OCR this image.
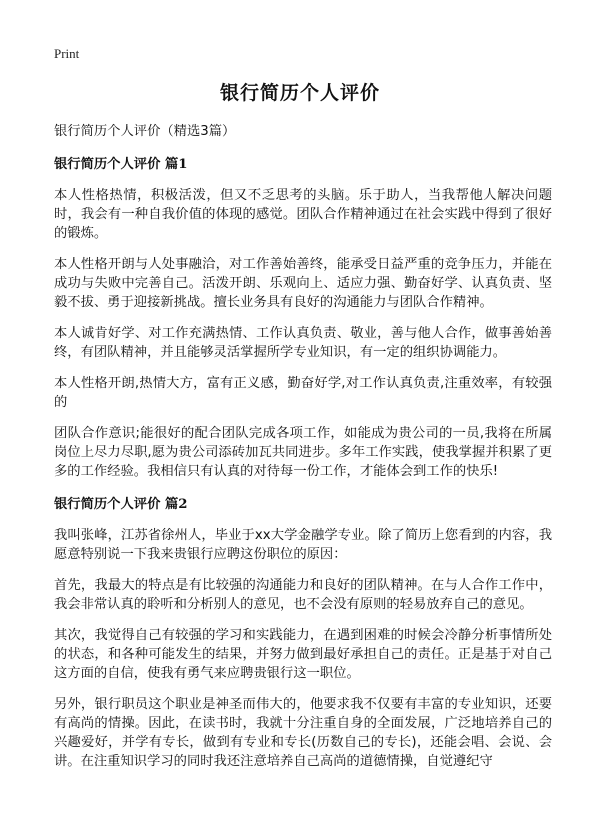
Print
银行简历个人评价

银行简历个人评价（精选3篇）

银行简历个人评价 篇1

本人性格热情，积极活泼，但又不乏思考的头脑。乐于助人，当我帮他人解决问题时，我会有一种自我价值的体现的感觉。团队合作精神通过在社会实践中得到了很好的锻炼。

本人性格开朗与人处事融洽，对工作善始善终，能承受日益严重的竞争压力，并能在成功与失败中完善自己。活泼开朗、乐观向上、适应力强、勤奋好学、认真负责、坚毅不拔、勇于迎接新挑战。擅长业务具有良好的沟通能力与团队合作精神。

本人诚肯好学、对工作充满热情、工作认真负责、敬业，善与他人合作，做事善始善终，有团队精神，并且能够灵活掌握所学专业知识，有一定的组织协调能力。

本人性格开朗,热情大方，富有正义感，勤奋好学,对工作认真负责,注重效率，有较强的

团队合作意识;能很好的配合团队完成各项工作，如能成为贵公司的一员,我将在所属岗位上尽力尽职,愿为贵公司添砖加瓦共同进步。多年工作实践，使我掌握并积累了更多的工作经验。我相信只有认真的对待每一份工作，才能体会到工作的快乐!

银行简历个人评价 篇2

我叫张峰，江苏省徐州人，毕业于xx大学金融学专业。除了简历上您看到的内容，我愿意特别说一下我来贵银行应聘这份职位的原因：

首先，我最大的特点是有比较强的沟通能力和良好的团队精神。在与人合作工作中，我会非常认真的聆听和分析别人的意见，也不会没有原则的轻易放弃自己的意见。

其次，我觉得自己有较强的学习和实践能力，在遇到困难的时候会冷静分析事情所处的状态，和各种可能发生的结果，并努力做到最好承担自己的责任。正是基于对自己这方面的自信，使我有勇气来应聘贵银行这一职位。

另外，银行职员这个职业是神圣而伟大的，他要求我不仅要有丰富的专业知识，还要有高尚的情操。因此，在读书时，我就十分注重自身的全面发展，广泛地培养自己的兴趣爱好，并学有专长，做到有专业和专长(历数自己的专长)，还能会唱、会说、会讲。在注重知识学习的同时我还注意培养自己高尚的道德情操，自觉遵纪守
